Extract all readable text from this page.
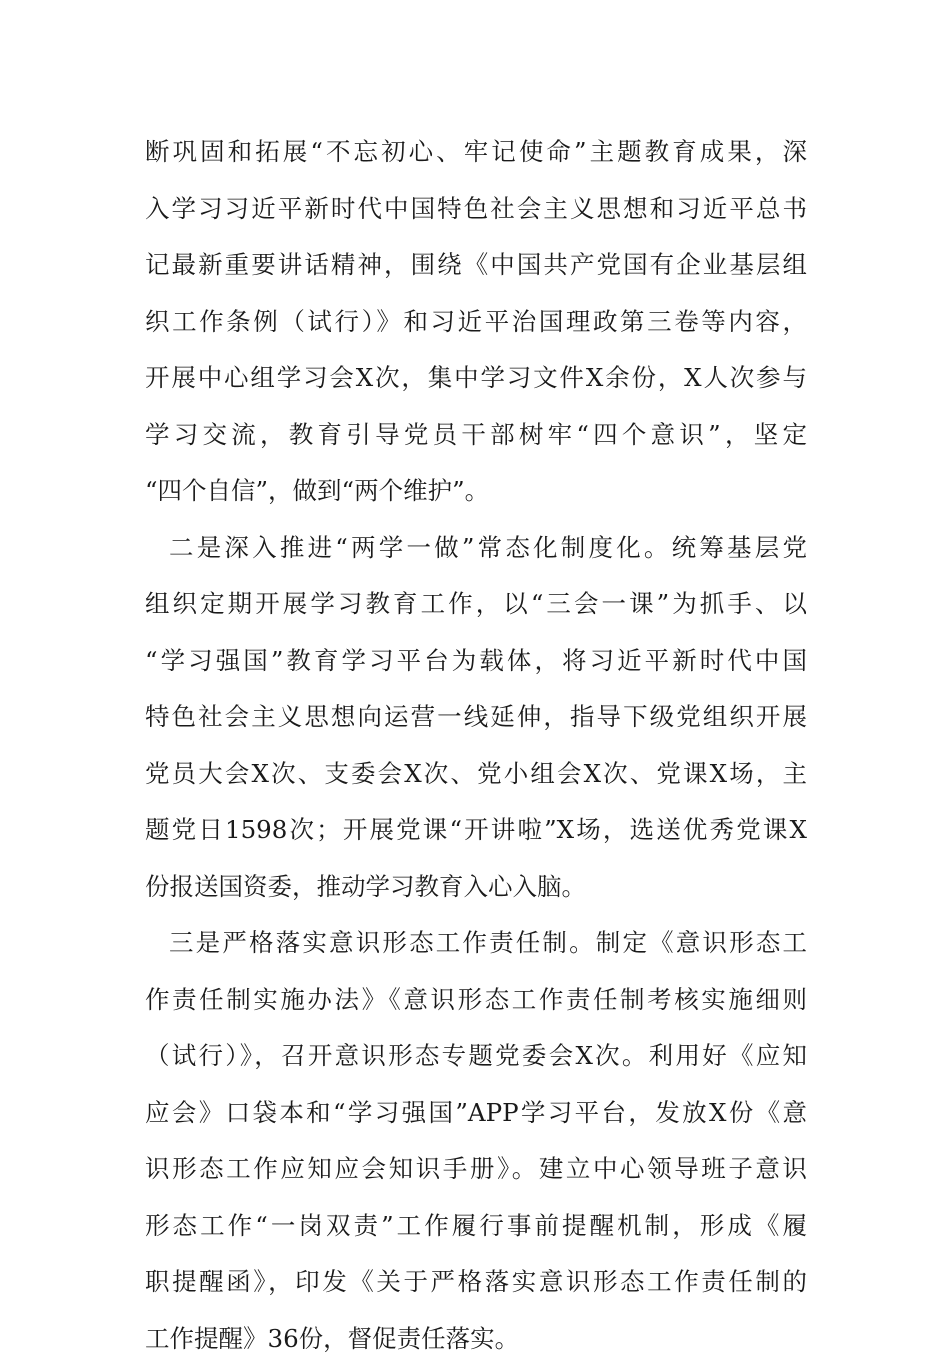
断巩固和拓展“不忘初心、牢记使命”主题教育成果，深
入学习习近平新时代中国特色社会主义思想和习近平总书
记最新重要讲话精神，围绕《中国共产党国有企业基层组
织工作条例（试行）》和习近平治国理政第三卷等内容，
开展中心组学习会X次，集中学习文件X余份，X人次参与
学习交流，教育引导党员干部树牢“四个意识”，坚定
“四个自信”，做到“两个维护”。
二是深入推进“两学一做”常态化制度化。统筹基层党
组织定期开展学习教育工作，以“三会一课”为抓手、以
“学习强国”教育学习平台为载体，将习近平新时代中国
特色社会主义思想向运营一线延伸，指导下级党组织开展
党员大会X次、支委会X次、党小组会X次、党课X场，主
题党日1598次；开展党课“开讲啦”X场，选送优秀党课X
份报送国资委，推动学习教育入心入脑。
三是严格落实意识形态工作责任制。制定《意识形态工
作责任制实施办法》《意识形态工作责任制考核实施细则
（试行）》，召开意识形态专题党委会X次。利用好《应知
应会》口袋本和“学习强国”APP学习平台，发放X份《意
识形态工作应知应会知识手册》。建立中心领导班子意识
形态工作“一岗双责”工作履行事前提醒机制，形成《履
职提醒函》，印发《关于严格落实意识形态工作责任制的
工作提醒》36份，督促责任落实。
